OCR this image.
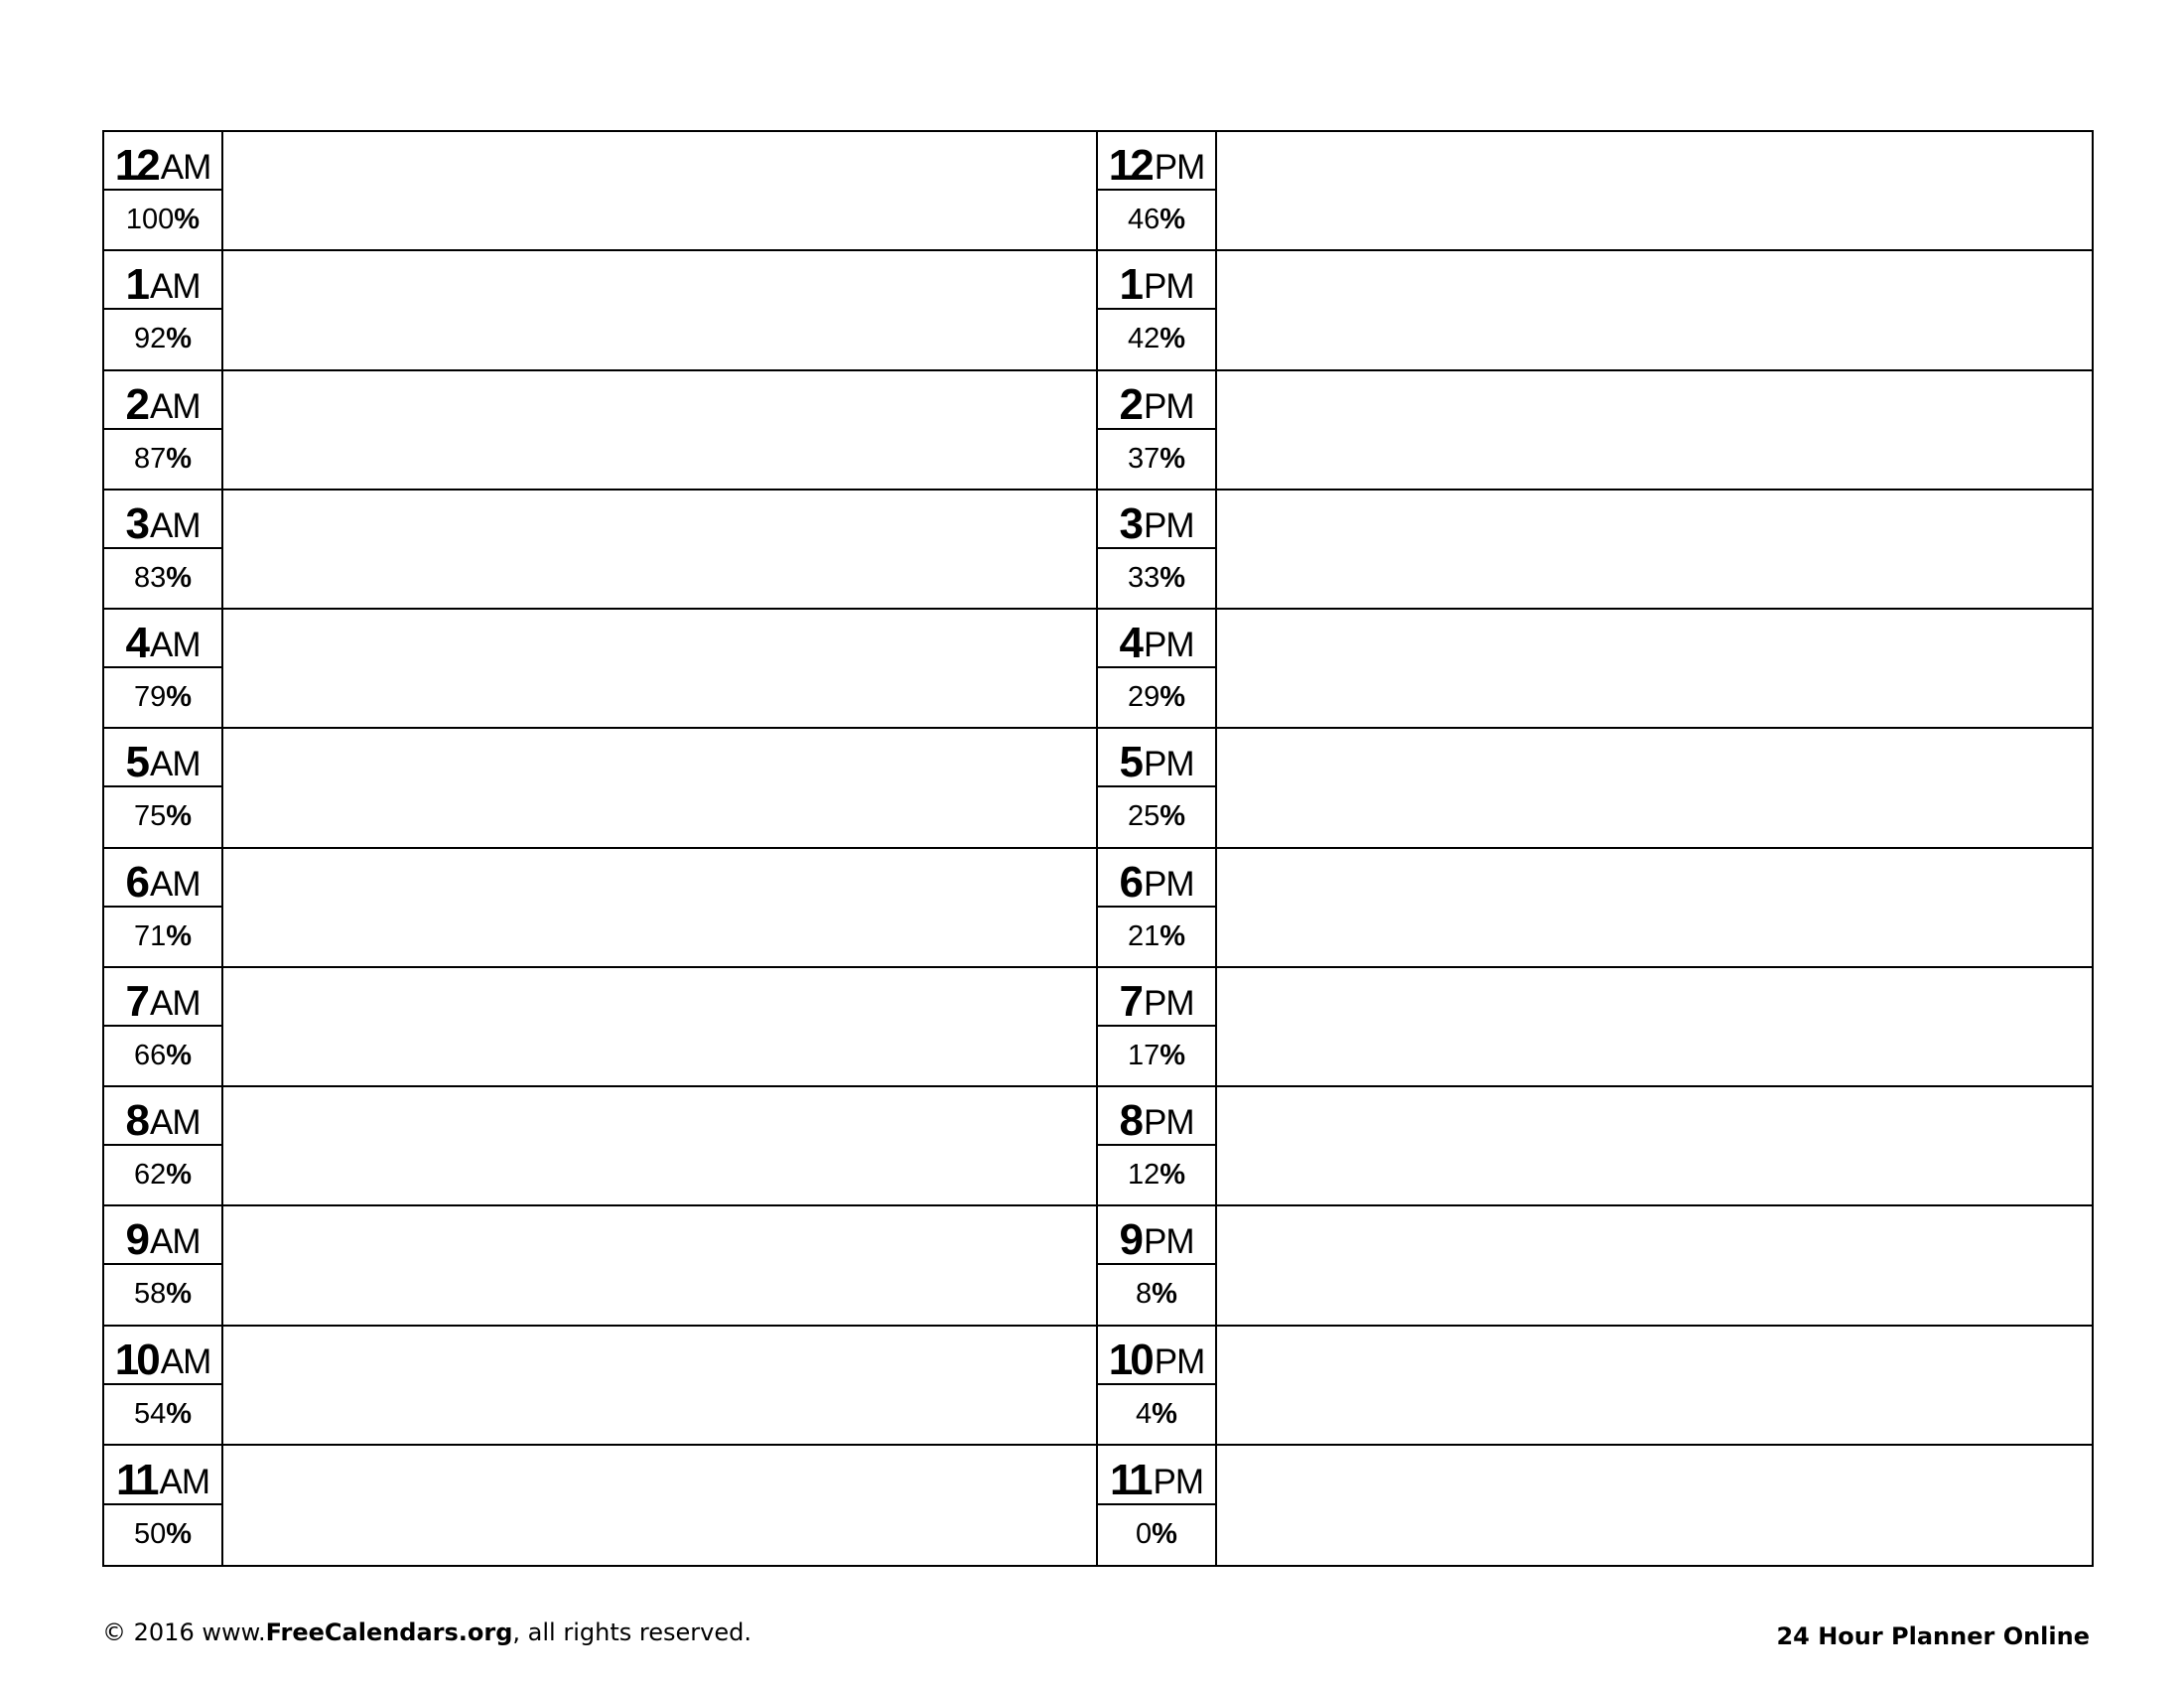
12 AM
100 %
1 AM
92 %
2 AM
87 %
3 AM
83 %
4 AM
79 %
5 AM
75 %
6 AM
71 %
7 AM
66 %
8 AM
62 %
9 AM
58 %
10 AM
54 %
11 AM
50 %
12 PM
46 %
1 PM
42 %
2 PM
37 %
3 PM
33 %
4 PM
29 %
5 PM
25 %
6 PM
21 %
7 PM
17 %
8 PM
12 %
9 PM
8 %
10 PM
4 %
11 PM
0 %
© 2016 www.FreeCalendars.org, all rights reserved.	24 Hour Planner Online
